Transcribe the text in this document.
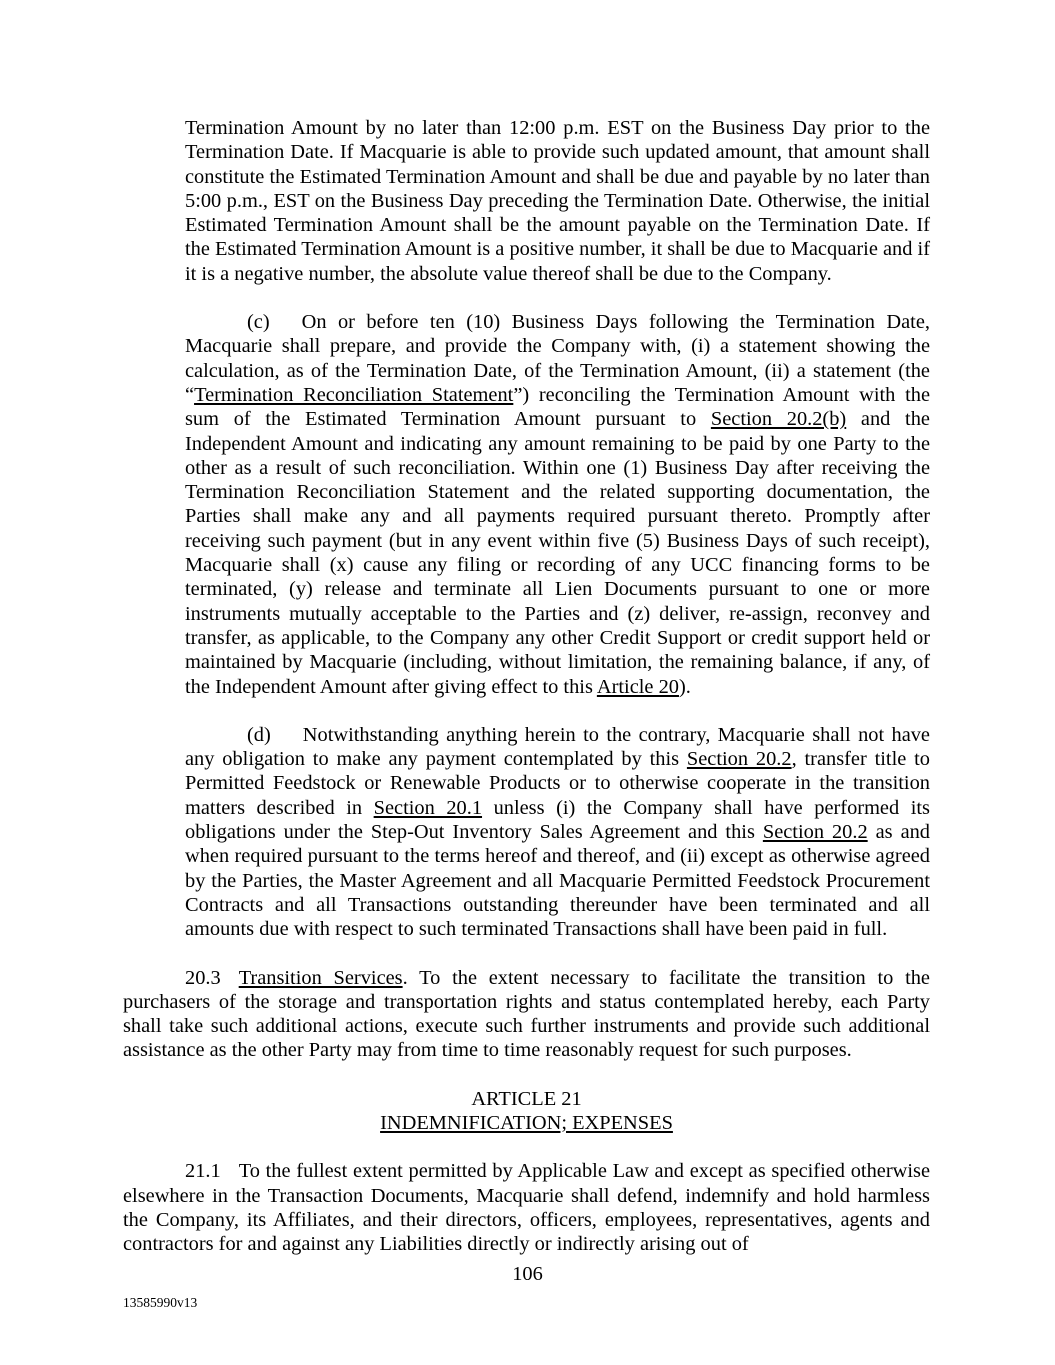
Termination Amount by no later than 12:00 p.m. EST on the Business Day prior to the Termination Date. If Macquarie is able to provide such updated amount, that amount shall constitute the Estimated Termination Amount and shall be due and payable by no later than 5:00 p.m., EST on the Business Day preceding the Termination Date. Otherwise, the initial Estimated Termination Amount shall be the amount payable on the Termination Date. If the Estimated Termination Amount is a positive number, it shall be due to Macquarie and if it is a negative number, the absolute value thereof shall be due to the Company.

(c) On or before ten (10) Business Days following the Termination Date, Macquarie shall prepare, and provide the Company with, (i) a statement showing the calculation, as of the Termination Date, of the Termination Amount, (ii) a statement (the “Termination Reconciliation Statement”) reconciling the Termination Amount with the sum of the Estimated Termination Amount pursuant to Section 20.2(b) and the Independent Amount and indicating any amount remaining to be paid by one Party to the other as a result of such reconciliation. Within one (1) Business Day after receiving the Termination Reconciliation Statement and the related supporting documentation, the Parties shall make any and all payments required pursuant thereto. Promptly after receiving such payment (but in any event within five (5) Business Days of such receipt), Macquarie shall (x) cause any filing or recording of any UCC financing forms to be terminated, (y) release and terminate all Lien Documents pursuant to one or more instruments mutually acceptable to the Parties and (z) deliver, re-assign, reconvey and transfer, as applicable, to the Company any other Credit Support or credit support held or maintained by Macquarie (including, without limitation, the remaining balance, if any, of the Independent Amount after giving effect to this Article 20).

(d) Notwithstanding anything herein to the contrary, Macquarie shall not have any obligation to make any payment contemplated by this Section 20.2, transfer title to Permitted Feedstock or Renewable Products or to otherwise cooperate in the transition matters described in Section 20.1 unless (i) the Company shall have performed its obligations under the Step-Out Inventory Sales Agreement and this Section 20.2 as and when required pursuant to the terms hereof and thereof, and (ii) except as otherwise agreed by the Parties, the Master Agreement and all Macquarie Permitted Feedstock Procurement Contracts and all Transactions outstanding thereunder have been terminated and all amounts due with respect to such terminated Transactions shall have been paid in full.

20.3 Transition Services. To the extent necessary to facilitate the transition to the purchasers of the storage and transportation rights and status contemplated hereby, each Party shall take such additional actions, execute such further instruments and provide such additional assistance as the other Party may from time to time reasonably request for such purposes.

ARTICLE 21
INDEMNIFICATION; EXPENSES

21.1 To the fullest extent permitted by Applicable Law and except as specified otherwise elsewhere in the Transaction Documents, Macquarie shall defend, indemnify and hold harmless the Company, its Affiliates, and their directors, officers, employees, representatives, agents and contractors for and against any Liabilities directly or indirectly arising out of

106
13585990v13
